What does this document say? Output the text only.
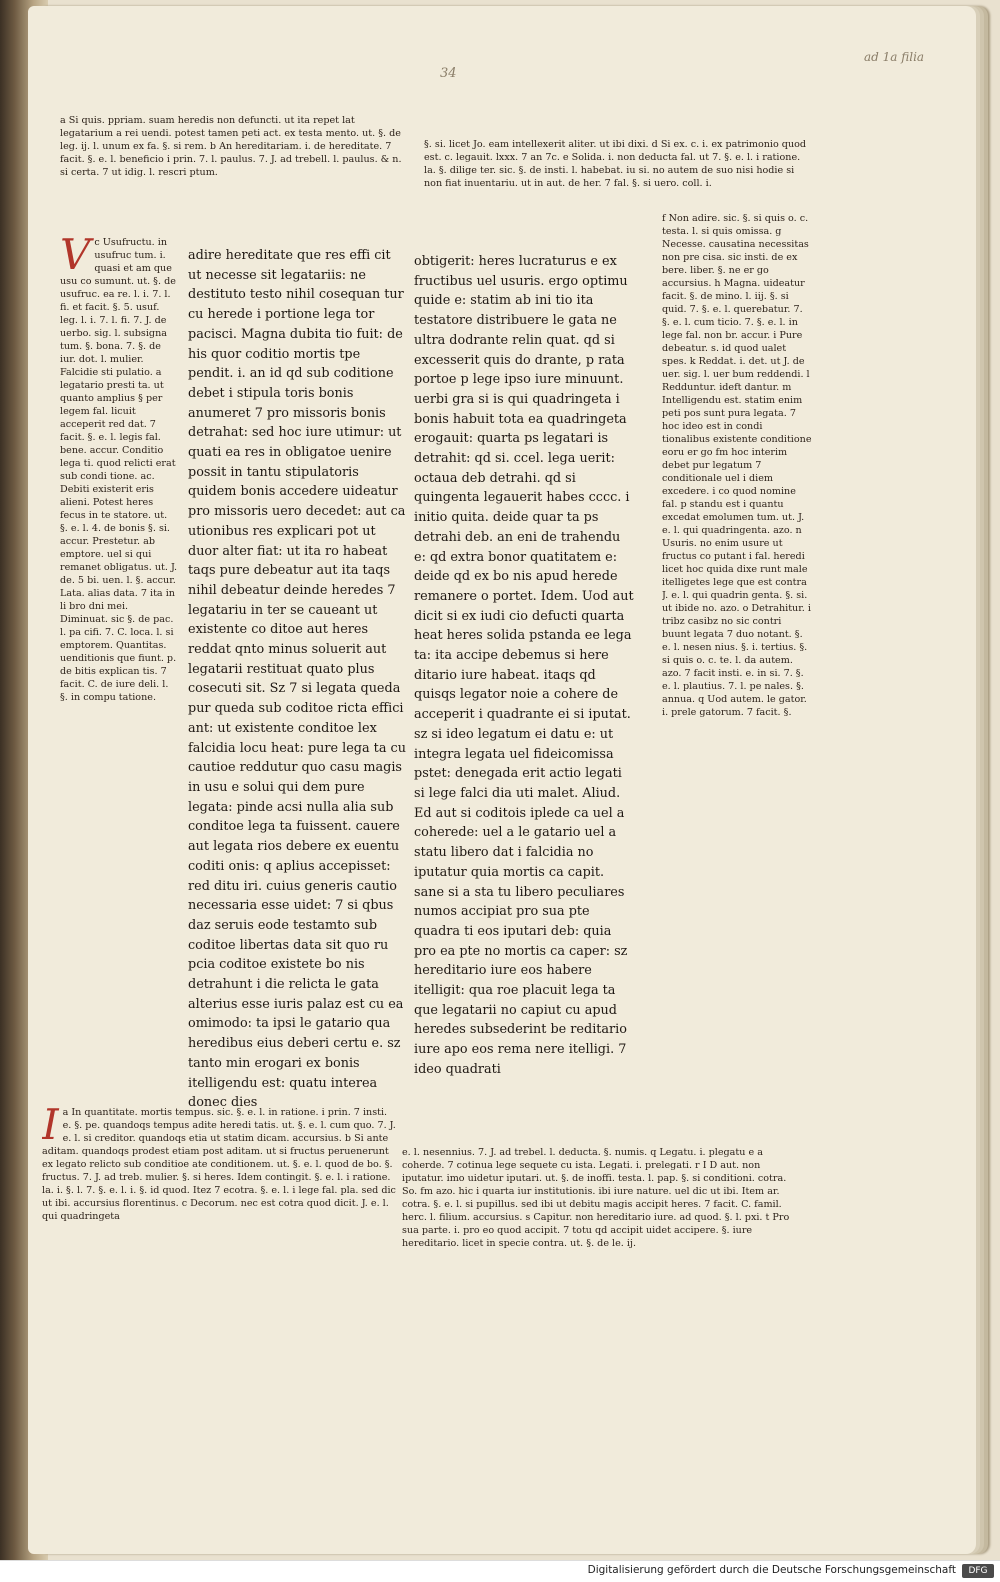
34
ad 1a filia

a Si quis. ppriam. suam heredis non defuncti. ut ita repet lat legatarium a rei uendi. potest tamen peti act. ex testa mento. ut. §. de leg. ij. l. unum ex fa. §. si rem. b An hereditariam. i. de hereditate. 7 facit. §. e. l. beneficio i prin. 7. l. paulus. 7. J. ad trebell. l. paulus. & n. si certa. 7 ut idig. l. rescri ptum.

§. si. licet Jo. eam intellexerit aliter. ut ibi dixi. d Si ex. c. i. ex patrimonio quod est. c. legauit. lxxx. 7 an 7c. e Solida. i. non deducta fal. ut 7. §. e. l. i ratione. la. §. dilige ter. sic. §. de insti. l. habebat. iu si. no autem de suo nisi hodie si non fiat inuentariu. ut in aut. de her. 7 fal. §. si uero. coll. i.

V c Usufructu. in usufruc tum. i. quasi et am que usu co sumunt. ut. §. de usufruc. ea re. l. i. 7. l. fi. et facit. §. 5. usuf. leg. l. i. 7. l. fi. 7. J. de uerbo. sig. l. subsigna tum. §. bona. 7. §. de iur. dot. l. mulier. Falcidie sti pulatio. a legatario presti ta. ut quanto amplius § per legem fal. licuit acceperit red dat. 7 facit. §. e. l. legis fal. bene. accur. Conditio lega ti. quod relicti erat sub condi tione. ac. Debiti existerit eris alieni. Potest heres fecus in te statore. ut. §. e. l. 4. de bonis §. si. accur. Prestetur. ab emptore. uel si qui remanet obligatus. ut. J. de. 5 bi. uen. l. §. accur. Lata. alias data. 7 ita in li bro dni mei. Diminuat. sic §. de pac. l. pa cifi. 7. C. loca. l. si emptorem. Quantitas. uenditionis que fiunt. p. de bitis explican tis. 7 facit. C. de iure deli. l. §. in compu tatione.

adire hereditate que res effi cit ut necesse sit legatariis: ne destituto testo nihil cosequan tur cu herede i portione lega tor pacisci. Magna dubita tio fuit: de his quor coditio mortis tpe pendit. i. an id qd sub coditione debet i stipula toris bonis anumeret 7 pro missoris bonis detrahat: sed hoc iure utimur: ut quati ea res in obligatoe uenire possit in tantu stipulatoris quidem bonis accedere uideatur pro missoris uero decedet: aut ca utionibus res explicari pot ut duor alter fiat: ut ita ro habeat taqs pure debeatur aut ita taqs nihil debeatur deinde heredes 7 legatariu in ter se caueant ut existente co ditoe aut heres reddat qnto minus soluerit aut legatarii restituat quato plus cosecuti sit. Sz 7 si legata queda pur queda sub coditoe ricta effici ant: ut existente conditoe lex falcidia locu heat: pure lega ta cu cautioe reddutur quo casu magis in usu e solui qui dem pure legata: pinde acsi nulla alia sub conditoe lega ta fuissent. cauere aut legata rios debere ex euentu coditi onis: q aplius accepisset: red ditu iri. cuius generis cautio necessaria esse uidet: 7 si qbus daz seruis eode testamto sub coditoe libertas data sit quo ru pcia coditoe existete bo nis detrahunt i die relicta le gata alterius esse iuris palaz est cu ea omimodo: ta ipsi le gatario qua heredibus eius deberi certu e. sz tanto min erogari ex bonis itelligendu est: quatu interea donec dies

obtigerit: heres lucraturus e ex fructibus uel usuris. ergo optimu quide e: statim ab ini tio ita testatore distribuere le gata ne ultra dodrante relin quat. qd si excesserit quis do drante, p rata portoe p lege ipso iure minuunt. uerbi gra si is qui quadringeta i bonis habuit tota ea quadringeta erogauit: quarta ps legatari is detrahit: qd si. ccel. lega uerit: octaua deb detrahi. qd si quingenta legauerit habes cccc. i initio quita. deide quar ta ps detrahi deb. an eni de trahendu e: qd extra bonor quatitatem e: deide qd ex bo nis apud herede remanere o portet. Idem. Uod aut dicit si ex iudi cio defucti quarta heat heres solida pstanda ee lega ta: ita accipe debemus si here ditario iure habeat. itaqs qd quisqs legator noie a cohere de acceperit i quadrante ei si iputat. sz si ideo legatum ei datu e: ut integra legata uel fideicomissa pstet: denegada erit actio legati si lege falci dia uti malet. Aliud. Ed aut si coditois iplede ca uel a coherede: uel a le gatario uel a statu libero dat i falcidia no iputatur quia mortis ca capit. sane si a sta tu libero peculiares numos accipiat pro sua pte quadra ti eos iputari deb: quia pro ea pte no mortis ca caper: sz hereditario iure eos habere itelligit: qua roe placuit lega ta que legatarii no capiut cu apud heredes subsederint be reditario iure apo eos rema nere itelligi. 7 ideo quadrati

f Non adire. sic. §. si quis o. c. testa. l. si quis omissa. g Necesse. causatina necessitas non pre cisa. sic insti. de ex bere. liber. §. ne er go accursius. h Magna. uideatur facit. §. de mino. l. iij. §. si quid. 7. §. e. l. querebatur. 7. §. e. l. cum ticio. 7. §. e. l. in lege fal. non br. accur. i Pure debeatur. s. id quod ualet spes. k Reddat. i. det. ut J. de uer. sig. l. uer bum reddendi. l Redduntur. ideft dantur. m Intelligendu est. statim enim peti pos sunt pura legata. 7 hoc ideo est in condi tionalibus existente conditione eoru er go fm hoc interim debet pur legatum 7 conditionale uel i diem excedere. i co quod nomine fal. p standu est i quantu excedat emolumen tum. ut. J. e. l. qui quadringenta. azo. n Usuris. no enim usure ut fructus co putant i fal. heredi licet hoc quida dixe runt male itelligetes lege que est contra J. e. l. qui quadrin genta. §. si. ut ibide no. azo. o Detrahitur. i tribz casibz no sic contri buunt legata 7 duo notant. §. e. l. nesen nius. §. i. tertius. §. si quis o. c. te. l. da autem. azo. 7 facit insti. e. in si. 7. §. e. l. plautius. 7. l. pe nales. §. annua. q Uod autem. le gator. i. prele gatorum. 7 facit. §.

I a In quantitate. mortis tempus. sic. §. e. l. in ratione. i prin. 7 insti. e. §. pe. quandoqs tempus adite heredi tatis. ut. §. e. l. cum quo. 7. J. e. l. si creditor. quandoqs etia ut statim dicam. accursius. b Si ante aditam. quandoqs prodest etiam post aditam. ut si fructus peruenerunt ex legato relicto sub conditioe ate conditionem. ut. §. e. l. quod de bo. §. fructus. 7. J. ad treb. mulier. §. si heres. Idem contingit. §. e. l. i ratione. la. i. §. l. 7. §. e. l. i. §. id quod. Itez 7 ecotra. §. e. l. i lege fal. pla. sed dic ut ibi. accursius florentinus. c Decorum. nec est cotra quod dicit. J. e. l. qui quadringeta

e. l. nesennius. 7. J. ad trebel. l. deducta. §. numis. q Legatu. i. plegatu e a coherde. 7 cotinua lege sequete cu ista. Legati. i. prelegati. r I D aut. non iputatur. imo uidetur iputari. ut. §. de inoffi. testa. l. pap. §. si conditioni. cotra. So. fm azo. hic i quarta iur institutionis. ibi iure nature. uel dic ut ibi. Item ar. cotra. §. e. l. si pupillus. sed ibi ut debitu magis accipit heres. 7 facit. C. famil. herc. l. filium. accursius. s Capitur. non hereditario iure. ad quod. §. l. pxi. t Pro sua parte. i. pro eo quod accipit. 7 totu qd accipit uidet accipere. §. iure hereditario. licet in specie contra. ut. §. de le. ij.

Digitalisierung gefördert durch die Deutsche Forschungsgemeinschaft	DFG
